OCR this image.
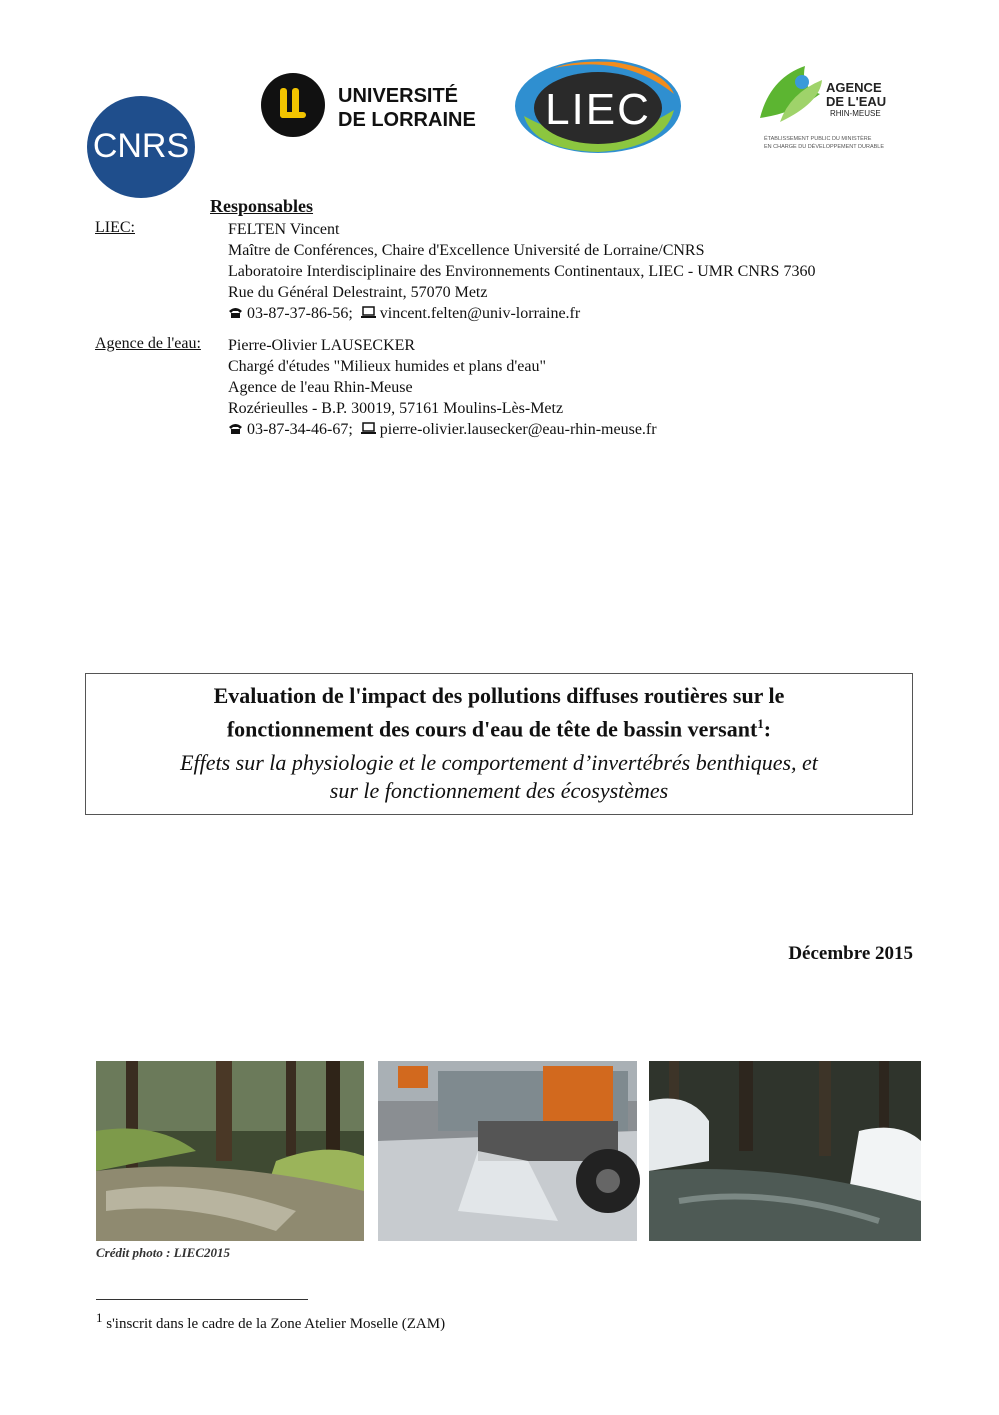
CNRS
UNIVERSITÉ
DE LORRAINE LIEC	AGENCE
DE L'EAU
RHIN-MEUSE
ÉTABLISSEMENT PUBLIC DU MINISTÈRE
EN CHARGE DU DÉVELOPPEMENT DURABLE
Responsables
LIEC:	FELTEN Vincent
Maître de Conférences, Chaire d'Excellence Université de Lorraine/CNRS
Laboratoire Interdisciplinaire des Environnements Continentaux, LIEC - UMR CNRS 7360
Rue du Général Delestraint, 57070 Metz
03-87-37-86-56; vincent.felten@univ-lorraine.fr
Agence de l'eau: Pierre-Olivier LAUSECKER
Chargé d'études "Milieux humides et plans d'eau"
Agence de l'eau Rhin-Meuse
Rozérieulles - B.P. 30019, 57161 Moulins-Lès-Metz
03-87-34-46-67; pierre-olivier.lausecker@eau-rhin-meuse.fr
Evaluation de l'impact des pollutions diffuses routières sur le
fonctionnement des cours d'eau de tête de bassin versant$^1$:
Effets sur la physiologie et le comportement d’invertébrés benthiques, et
sur le fonctionnement des écosystèmes
Décembre 2015
Crédit photo : LIEC2015
$^1$ s'inscrit dans le cadre de la Zone Atelier Moselle (ZAM)
